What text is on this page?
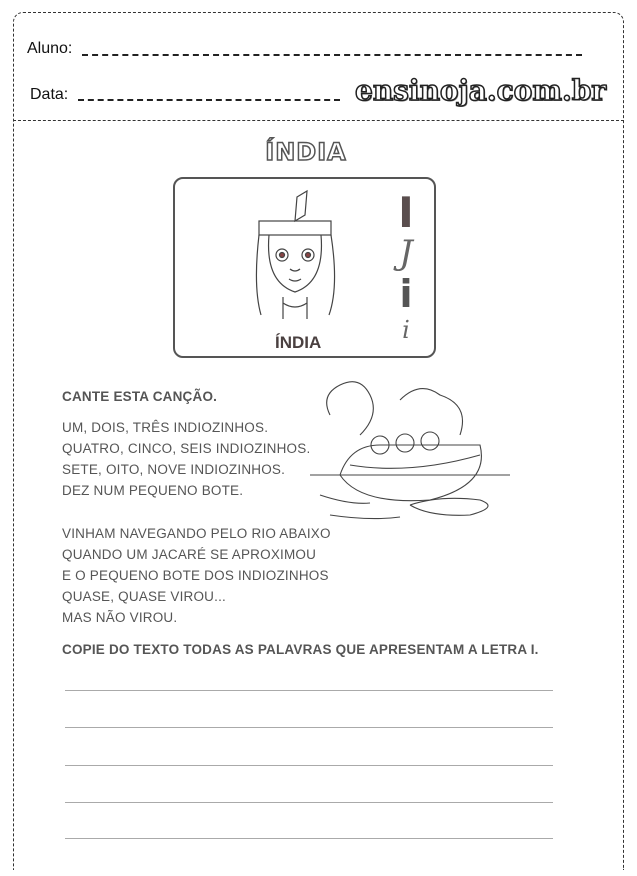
Aluno:
Data:	ensinoja.com.br
ÍNDIA
ÍNDIA
I
J
i
i
CANTE ESTA CANÇÃO.
UM, DOIS, TRÊS INDIOZINHOS.
QUATRO, CINCO, SEIS INDIOZINHOS.
SETE, OITO, NOVE INDIOZINHOS.
DEZ NUM PEQUENO BOTE.
VINHAM NAVEGANDO PELO RIO ABAIXO
QUANDO UM JACARÉ SE APROXIMOU
E O PEQUENO BOTE DOS INDIOZINHOS
QUASE, QUASE VIROU...
MAS NÃO VIROU.
COPIE DO TEXTO TODAS AS PALAVRAS QUE APRESENTAM A LETRA I.
